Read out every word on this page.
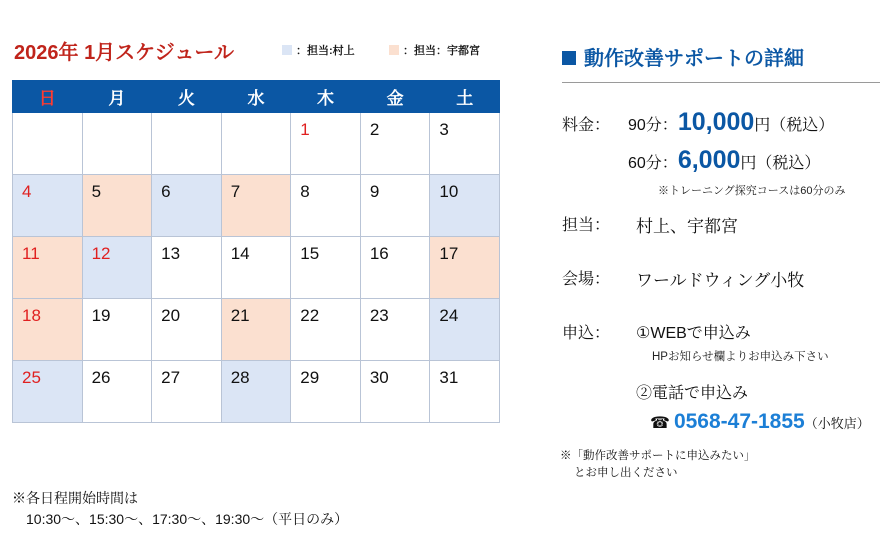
2026年 1月スケジュール	：担当:村上	：担当：宇都宮
日	月	火	水	木	金	土
				1	2	3
4	5	6	7	8	9	10
11	12	13	14	15	16	17
18	19	20	21	22	23	24
25	26	27	28	29	30	31
※各日程開始時間は
10:30～、15:30～、17:30～、19:30～（平日のみ）
動作改善サポートの詳細
料金： 90分：10,000円（税込）
60分：6,000円（税込）
※トレーニング探究コースは60分のみ
担当： 村上、宇都宮
会場： ワールドウィング小牧
申込： ①WEBで申込み
HPお知らせ欄よりお申込み下さい
②電話で申込み
☎ 0568-47-1855（小牧店）
※「動作改善サポートに申込みたい」
とお申し出ください
